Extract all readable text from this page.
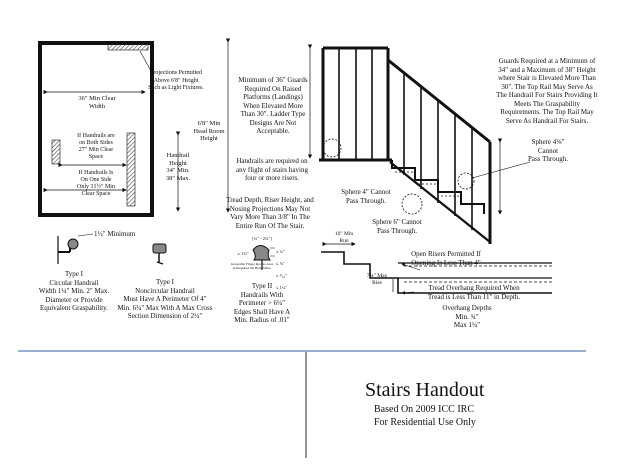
Projections Permitted
Above 6'8" Height
Such as Light Fixtures.
36" Min Clear
Width
6'8" Min
Head Room
Height
If Handrails are
on Both Sides
27" Min Clear
Space
If Handrails Is
On One Side
Only 31½" Min
Clear Space
Handrail
Height
34" Min.
38" Max.
Minimum of 36" Guards
Required On Raised
Platforms (Landings)
When Elevated More
Than 30". Ladder Type
Designs Are Not
Acceptable.
Handrails are required on
any flight of stairs having
four or more risers.
Tread Depth, Riser Height, and
Nosing Projections May Not
Vary More Than 3/8" In The
Entire Run Of The Stair.
Guards Required at a Minimum of
34" and a Maximum of 38" Height
where Stair is Elevated More Than
30". The Top Rail May Serve As
The Handrail For Stairs Providing It
Meets The Graspability
Requirements. The Top Rail May
Serve As Handrail For Stairs.
Sphere 4⅜"
Cannot
Pass Through.
Sphere 4" Cannot
Pass Through.
Sphere 6" Cannot
Pass Through.
10" Min
Run
7¾" Max
Rise
Open Risers Permitted If
Opening Is Less Than 4"
Tread Overhang Required When
Tread is Less Than 11" in Depth.
Overhang Depths
Min. ¾"
Max 1¼"
1½" Minimum
Type I
Circular Handrail
Width 1¼" Min. 2" Max.
Diameter or Provide
Equivalent Graspability.
Type I
Noncircular Handrail
Must Have A Perimeter Of 4"
Min. 6¼" Max With A Max Cross
Section Dimension of 2¼"
Type II
Handrails With
Perimeter > 6¼"
Edges Shall Have A
Min. Radius of .01"
[¾" - 2¾"]
≥ 1¾"	≥ ¾"

≤ ⅞"

≥ ⁵⁄₁₆"

≤ 1¼"

Graspable Finger Recess Area
Is Required On Both Sides.
Stairs Handout
Based On 2009 ICC IRC
For Residential Use Only
